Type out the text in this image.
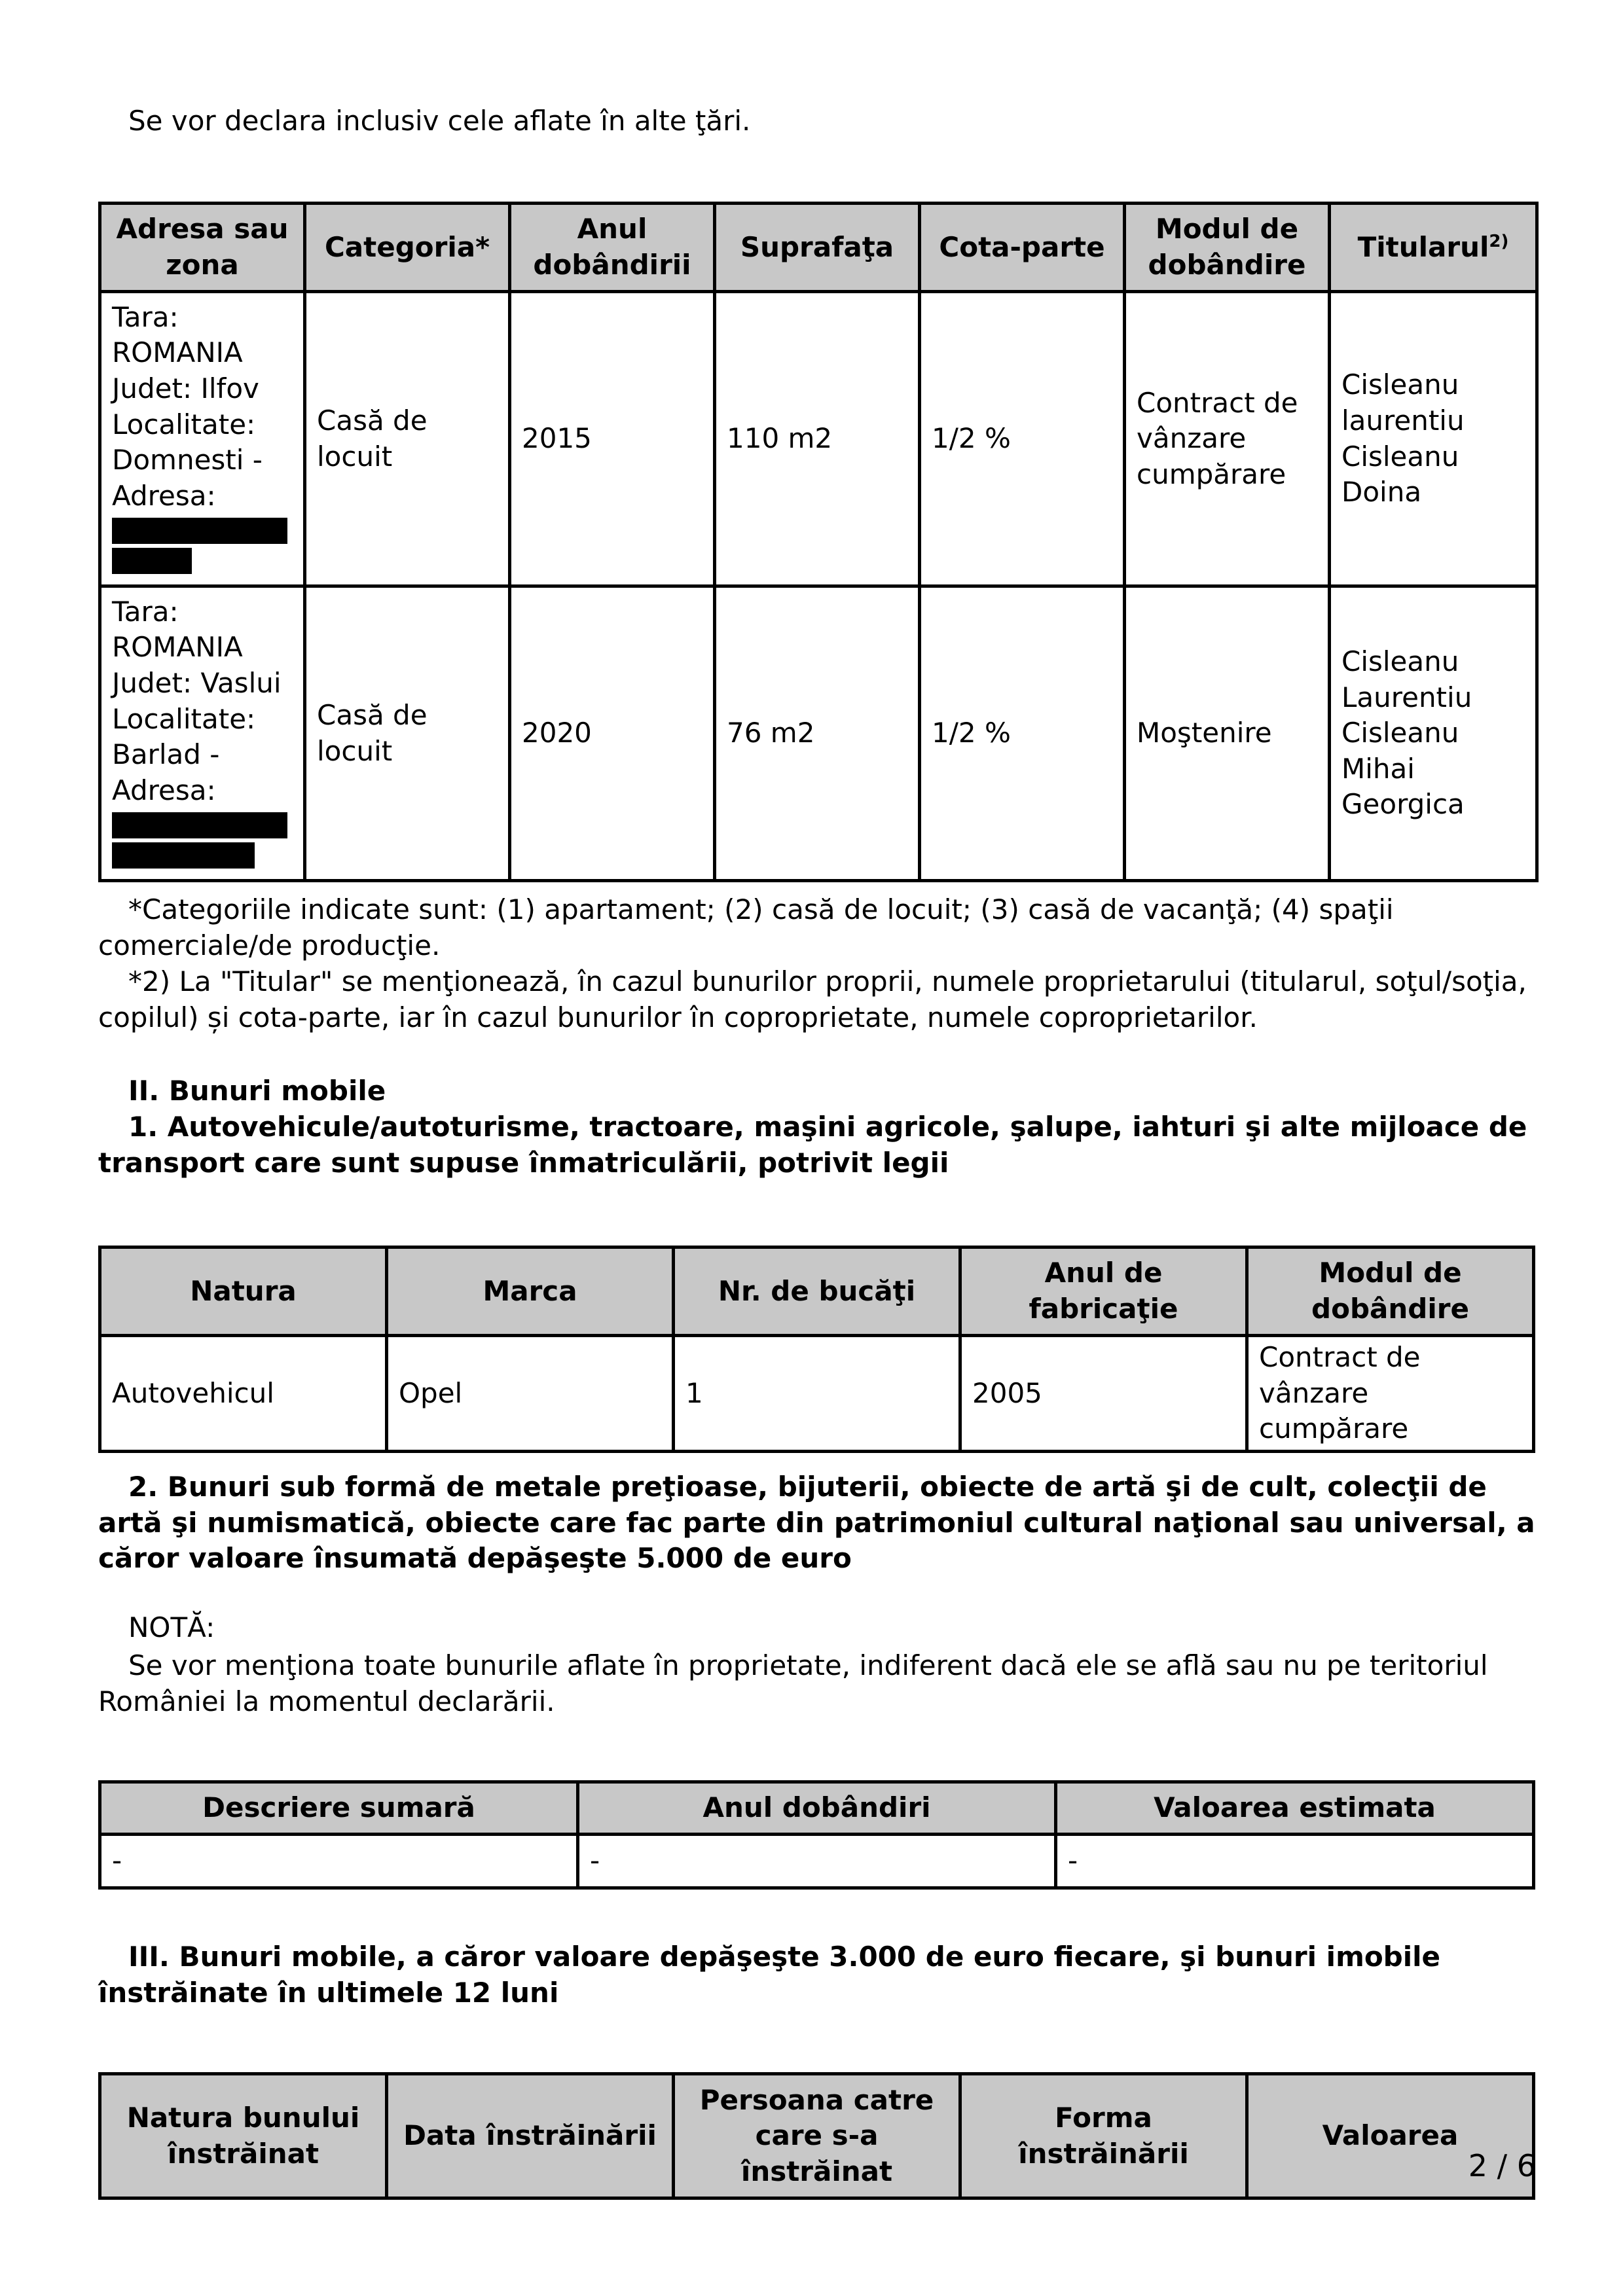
Se vor declara inclusiv cele aflate în alte ţări.

Adresa sau zona	Categoria*	Anul dobândirii	Suprafaţa	Cota-parte	Modul de dobândire	Titularul$^{2)}$

Tara: ROMANIA
Judet: Ilfov
Localitate: Domnesti -
Adresa:	Casă de locuit	2015	110 m2	1/2 %	Contract de vânzare cumpărare	Cisleanu laurentiu Cisleanu Doina

Tara: ROMANIA
Judet: Vaslui
Localitate: Barlad -
Adresa:	Casă de locuit	2020	76 m2	1/2 %	Moştenire	Cisleanu Laurentiu Cisleanu Mihai Georgica

*Categoriile indicate sunt: (1) apartament; (2) casă de locuit; (3) casă de vacanţă; (4) spaţii comerciale/de producţie.

*2) La "Titular" se menţionează, în cazul bunurilor proprii, numele proprietarului (titularul, soţul/soţia, copilul) și cota-parte, iar în cazul bunurilor în coproprietate, numele coproprietarilor.

II. Bunuri mobile

1. Autovehicule/autoturisme, tractoare, maşini agricole, şalupe, iahturi şi alte mijloace de transport care sunt supuse înmatriculării, potrivit legii

Natura	Marca	Nr. de bucăţi	Anul de fabricaţie	Modul de dobândire
Autovehicul	Opel	1	2005	Contract de vânzare cumpărare

2. Bunuri sub formă de metale preţioase, bijuterii, obiecte de artă şi de cult, colecţii de artă şi numismatică, obiecte care fac parte din patrimoniul cultural naţional sau universal, a căror valoare însumată depăşeşte 5.000 de euro

NOTĂ:

Se vor menţiona toate bunurile aflate în proprietate, indiferent dacă ele se află sau nu pe teritoriul României la momentul declarării.

Descriere sumară	Anul dobândiri	Valoarea estimata
-	-	-

III. Bunuri mobile, a căror valoare depăşeşte 3.000 de euro fiecare, şi bunuri imobile înstrăinate în ultimele 12 luni

Natura bunului înstrăinat	Data înstrăinării	Persoana catre care s-a înstrăinat	Forma înstrăinării	Valoarea
2 / 6
